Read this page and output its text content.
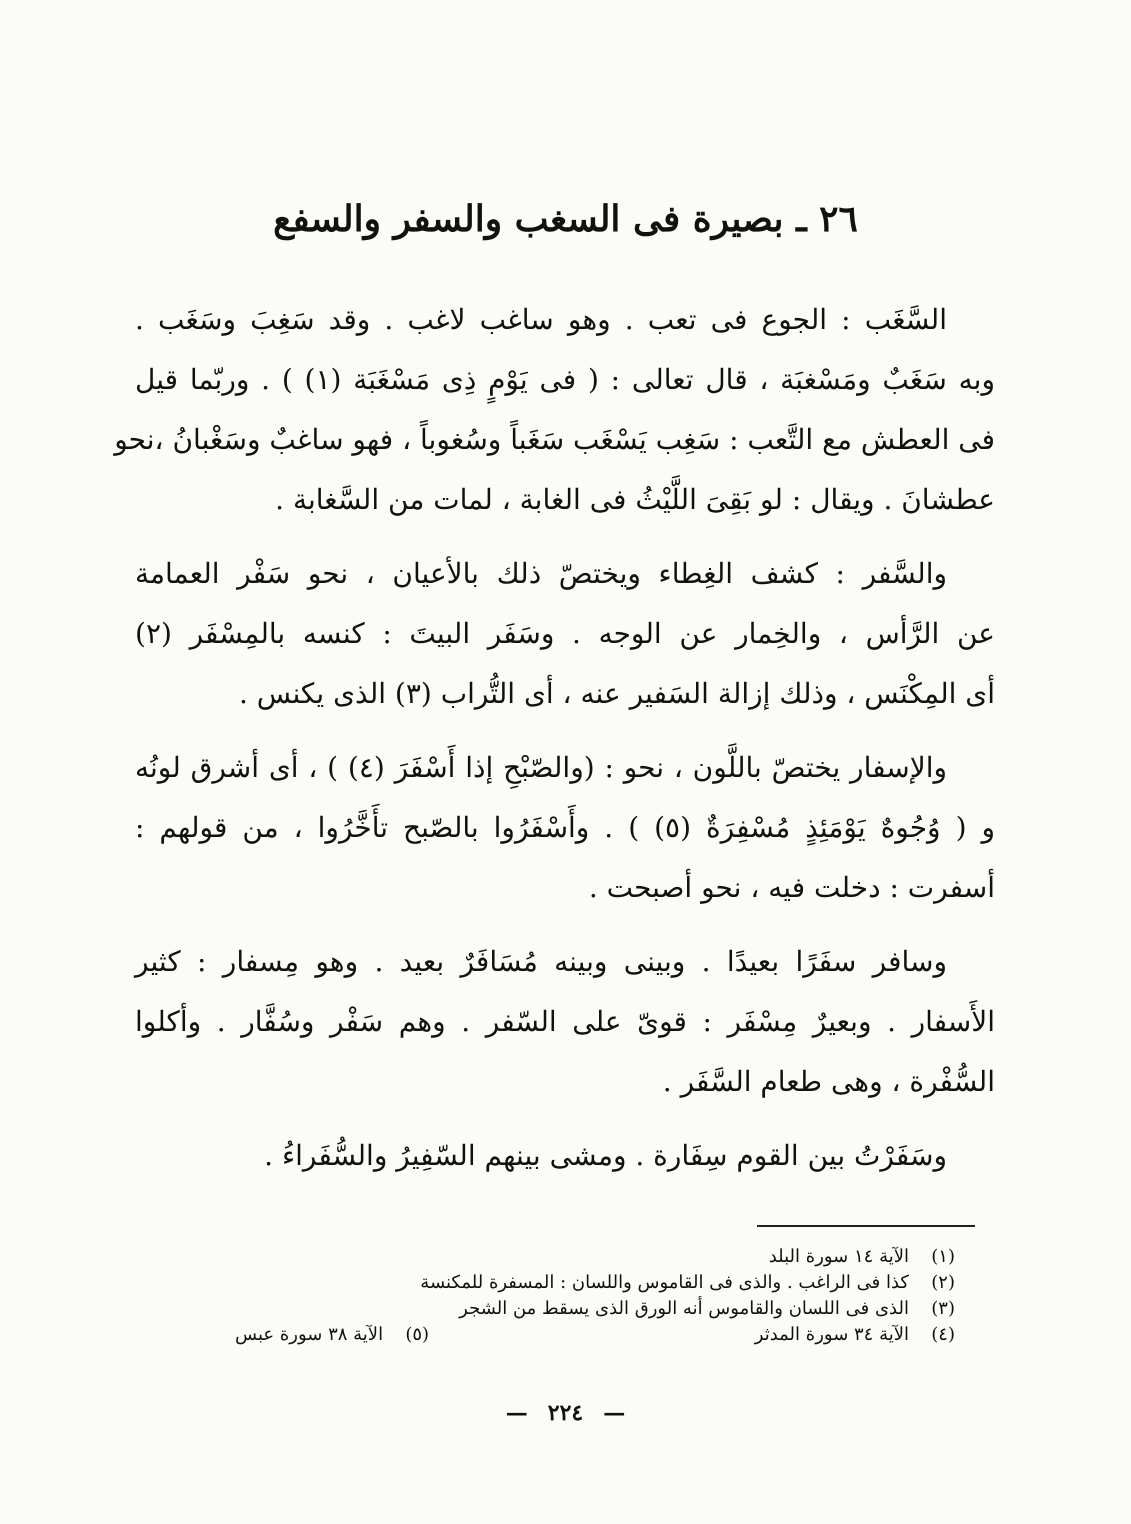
٢٦ ـ بصيرة فى السغب والسفر والسفع
السَّغَب : الجوع فى تعب . وهو ساغب لاغب . وقد سَغِبَ وسَغَب .
وبه سَغَبٌ ومَسْغبَة ، قال تعالى : ( فى يَوْمٍ ذِى مَسْغَبَة (١) ) . وربّما قيل
فى العطش مع التَّعب : سَغِب يَسْغَب سَغَباً وسُغوباً ، فهو ساغبٌ وسَغْبانُ ،نحو
عطشانَ . ويقال : لو بَقِىَ اللَّيْثُ فى الغابة ، لمات من السَّغابة .
والسَّفر : كشف الغِطاء ويختصّ ذلك بالأعيان ، نحو سَفْر العمامة
عن الرَّأس ، والخِمار عن الوجه . وسَفَر البيتَ : كنسه بالمِسْفَر (٢)
أى المِكْنَس ، وذلك إزالة السَفير عنه ، أى التُّراب (٣) الذى يكنس .
والإسفار يختصّ باللَّون ، نحو : (والصّبْحِ إذا أَسْفَرَ (٤) ) ، أى أشرق لونُه
و ( وُجُوهٌ يَوْمَئِذٍ مُسْفِرَةٌ (٥) ) . وأَسْفَرُوا بالصّبح تأَخَّرُوا ، من قولهم :
أسفرت : دخلت فيه ، نحو أصبحت .
وسافر سفَرًا بعيدًا . وبينى وبينه مُسَافَرٌ بعيد . وهو مِسفار : كثير
الأَسفار . وبعيرٌ مِسْفَر : قوىّ على السّفر . وهم سَفْر وسُفَّار . وأكلوا
السُّفْرة ، وهى طعام السَّفَر .
وسَفَرْتُ بين القوم سِفَارة . ومشى بينهم السّفِيرُ والسُّفَراءُ .
(١)الآية ١٤ سورة البلد
(٢)كذا فى الراغب . والذى فى القاموس واللسان : المسفرة للمكنسة
(٣)الذى فى اللسان والقاموس أنه الورق الذى يسقط من الشجر
(٤)الآية ٣٤ سورة المدثر
(٥)الآية ٣٨ سورة عبس
—٢٢٤—
